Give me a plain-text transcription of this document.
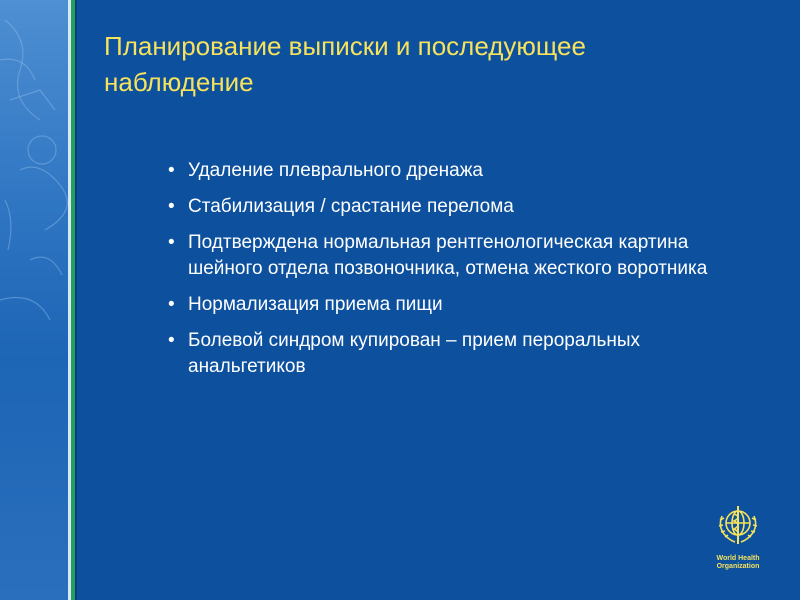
Планирование выписки и последующее наблюдение
• Удаление плеврального дренажа
• Стабилизация / срастание перелома
• Подтверждена нормальная рентгенологическая картина шейного отдела позвоночника, отмена жесткого воротника
• Нормализация приема пищи
• Болевой синдром купирован – прием пероральных анальгетиков
World Health
Organization
